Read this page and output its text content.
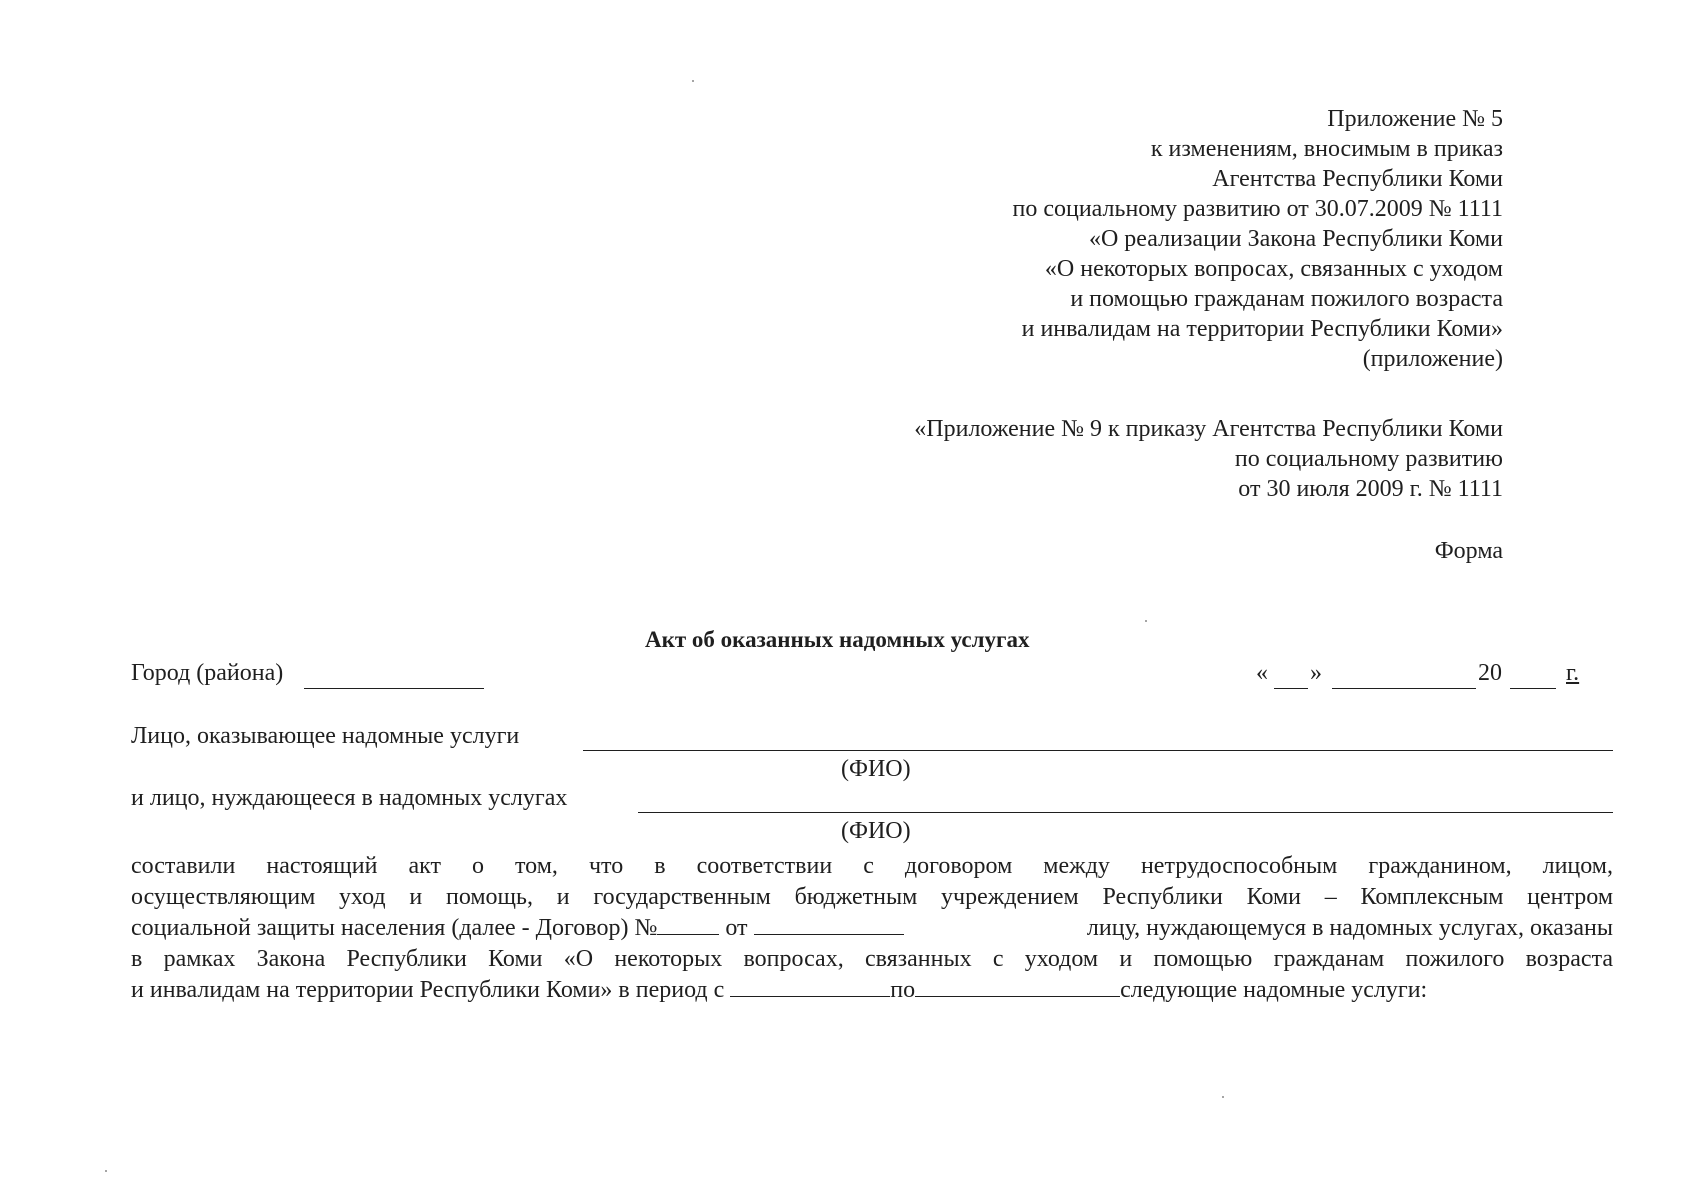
Приложение № 5
к изменениям, вносимым в приказ
Агентства Республики Коми
по социальному развитию от 30.07.2009 № 1111
«О реализации Закона Республики Коми
«О некоторых вопросах, связанных с уходом
и помощью гражданам пожилого возраста
и инвалидам на территории Республики Коми»
(приложение)
«Приложение № 9 к приказу Агентства Республики Коми
по социальному развитию
от 30 июля 2009 г. № 1111
Форма
Акт об оказанных надомных услугах
Город (района)	« »	20	г.
Лицо, оказывающее надомные услуги
(ФИО)
и лицо, нуждающееся в надомных услугах
(ФИО)
составили настоящий акт о том, что в соответствии с договором между нетрудоспособным гражданином, лицом,
осуществляющим уход и помощь, и государственным бюджетным учреждением Республики Коми – Комплексным центром
социальной защиты населения (далее - Договор) №	от	лицу, нуждающемуся в надомных услугах, оказаны
в рамках Закона Республики Коми «О некоторых вопросах, связанных с уходом и помощью гражданам пожилого возраста
и инвалидам на территории Республики Коми» в период с	по	следующие надомные услуги:
